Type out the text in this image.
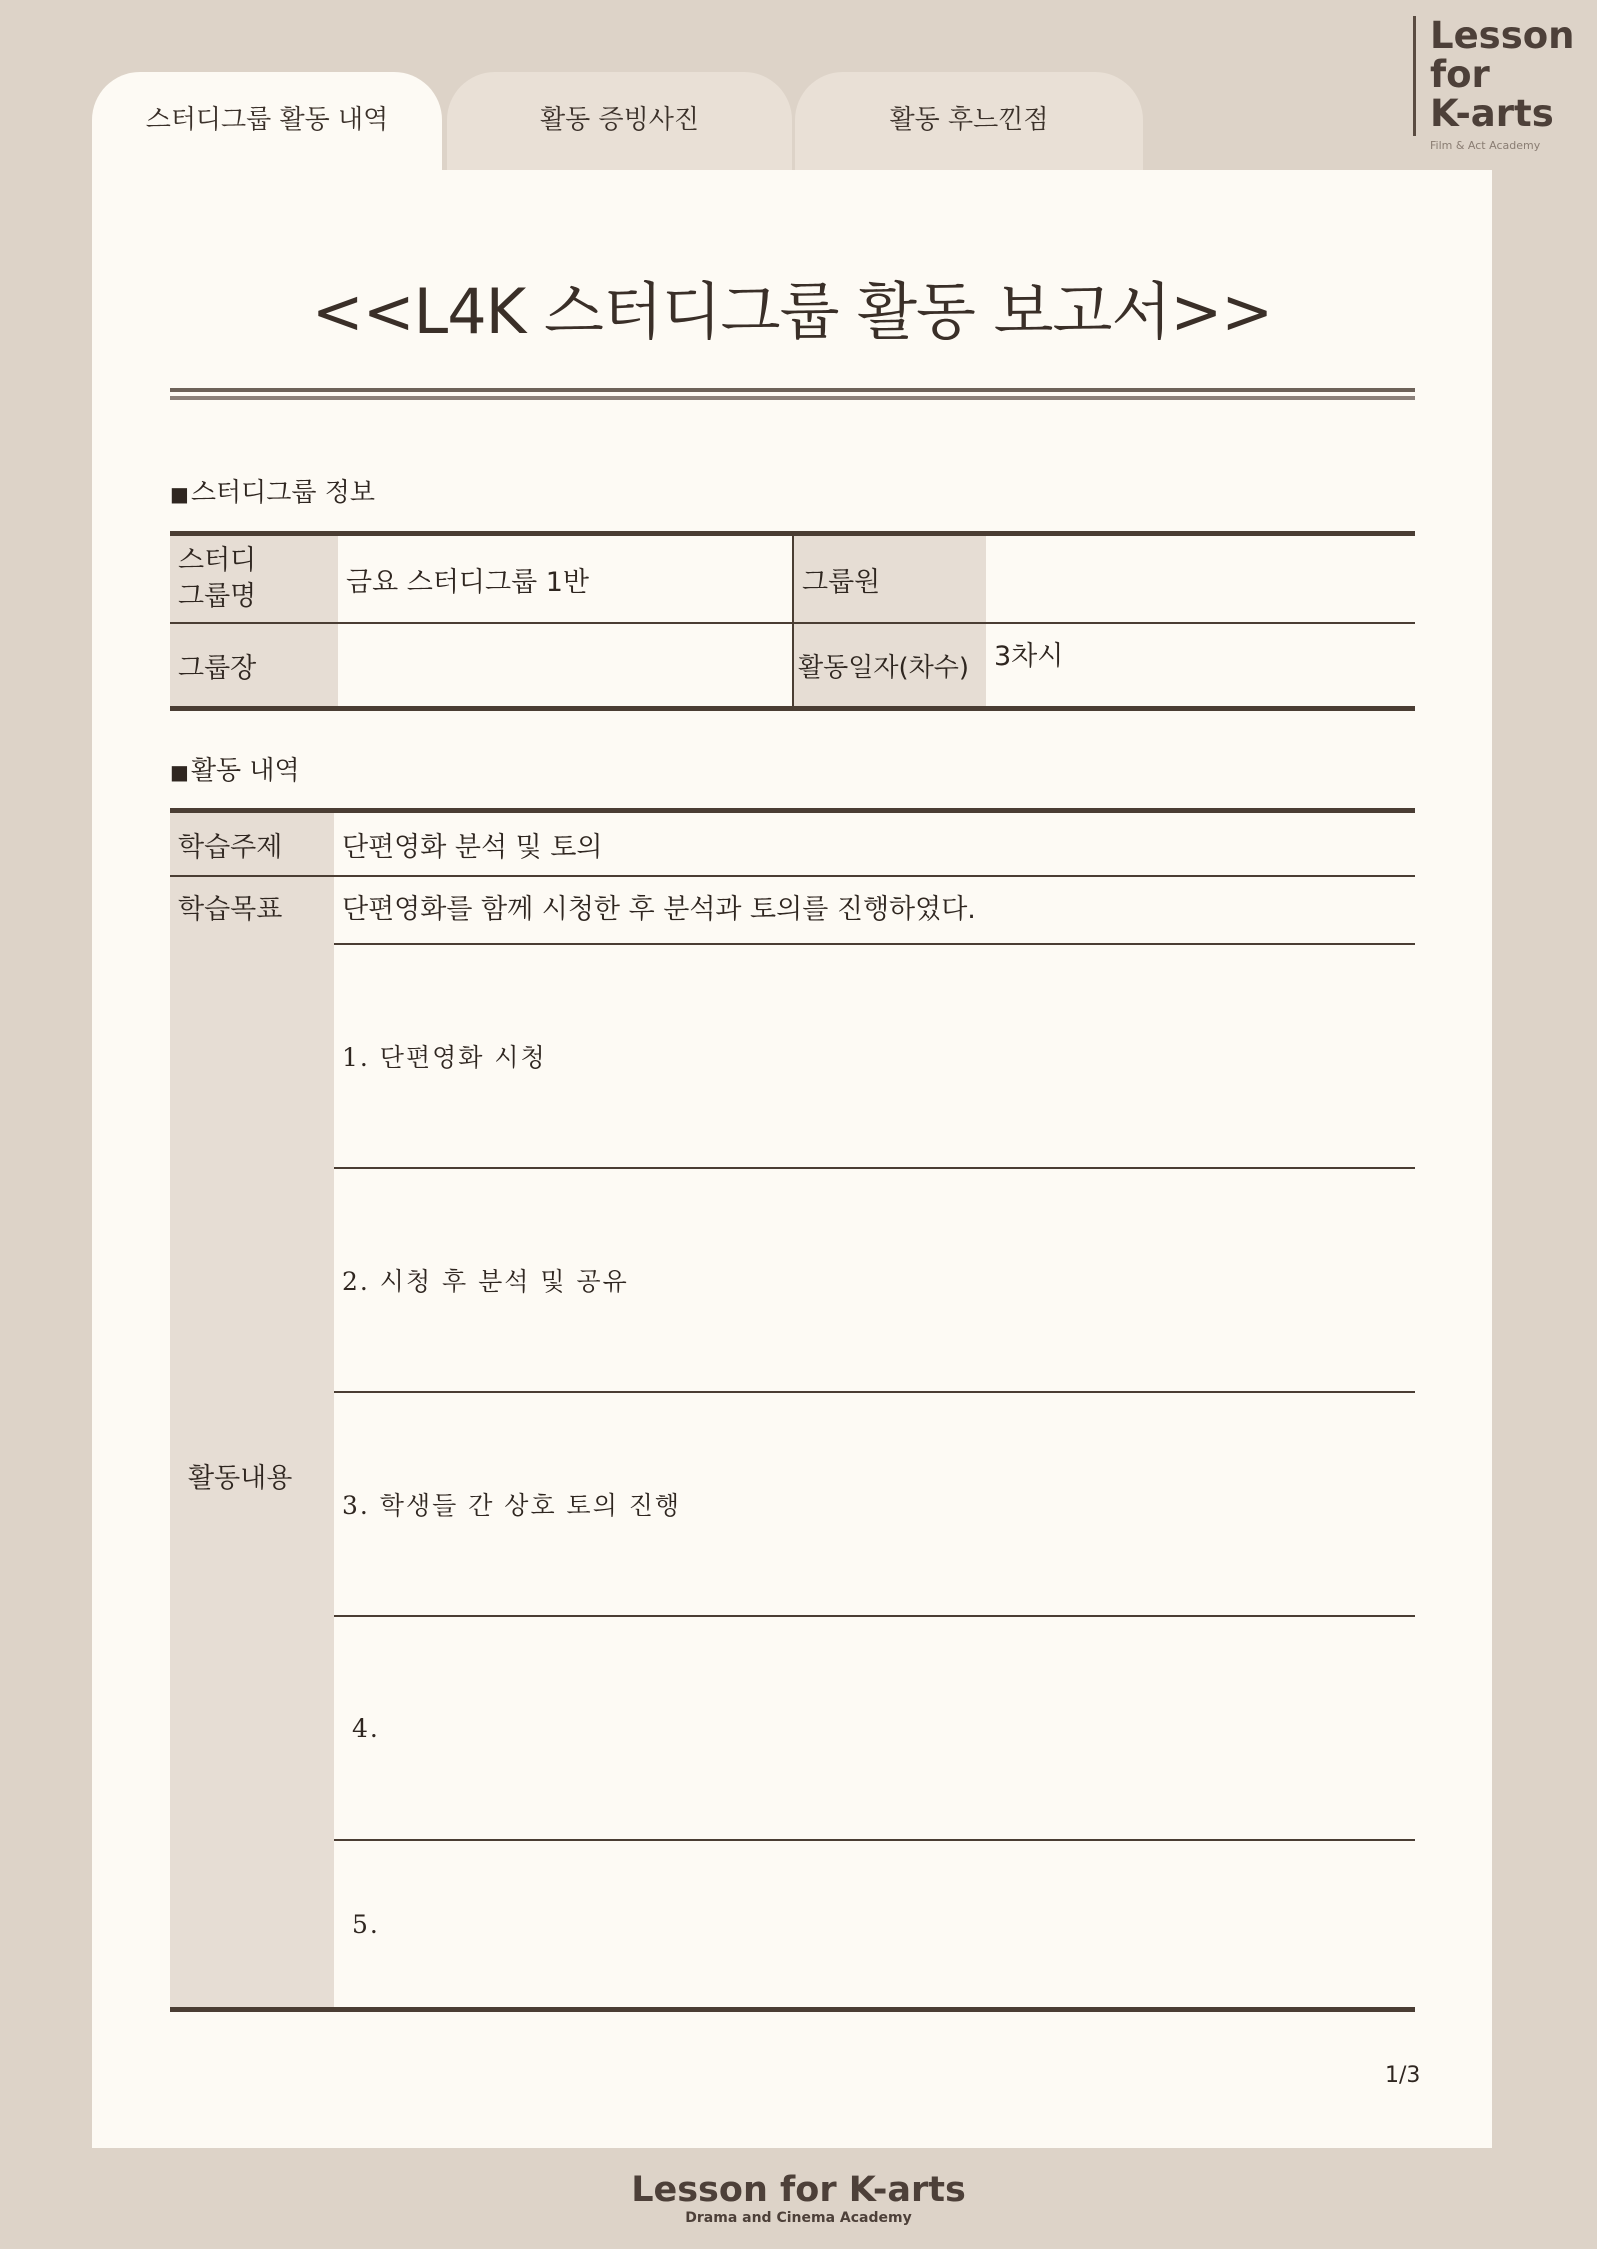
스터디그룹 활동 내역	활동 증빙사진	활동 후느낀점
Lesson
for
K-arts
Film & Act Academy
<<L4K 스터디그룹 활동 보고서>>
■스터디그룹 정보
스터디
그룹명	금요 스터디그룹 1반	그룹원	
그룹장		활동일자(차수)	3차시
■활동 내역
학습주제	단편영화 분석 및 토의
학습목표	단편영화를 함께 시청한 후 분석과 토의를 진행하였다.
활동내용	1. 단편영화 시청
	2. 시청 후 분석 및 공유
	3. 학생들 간 상호 토의 진행
	4.
	5.
1/3
Lesson for K-arts
Drama and Cinema Academy
